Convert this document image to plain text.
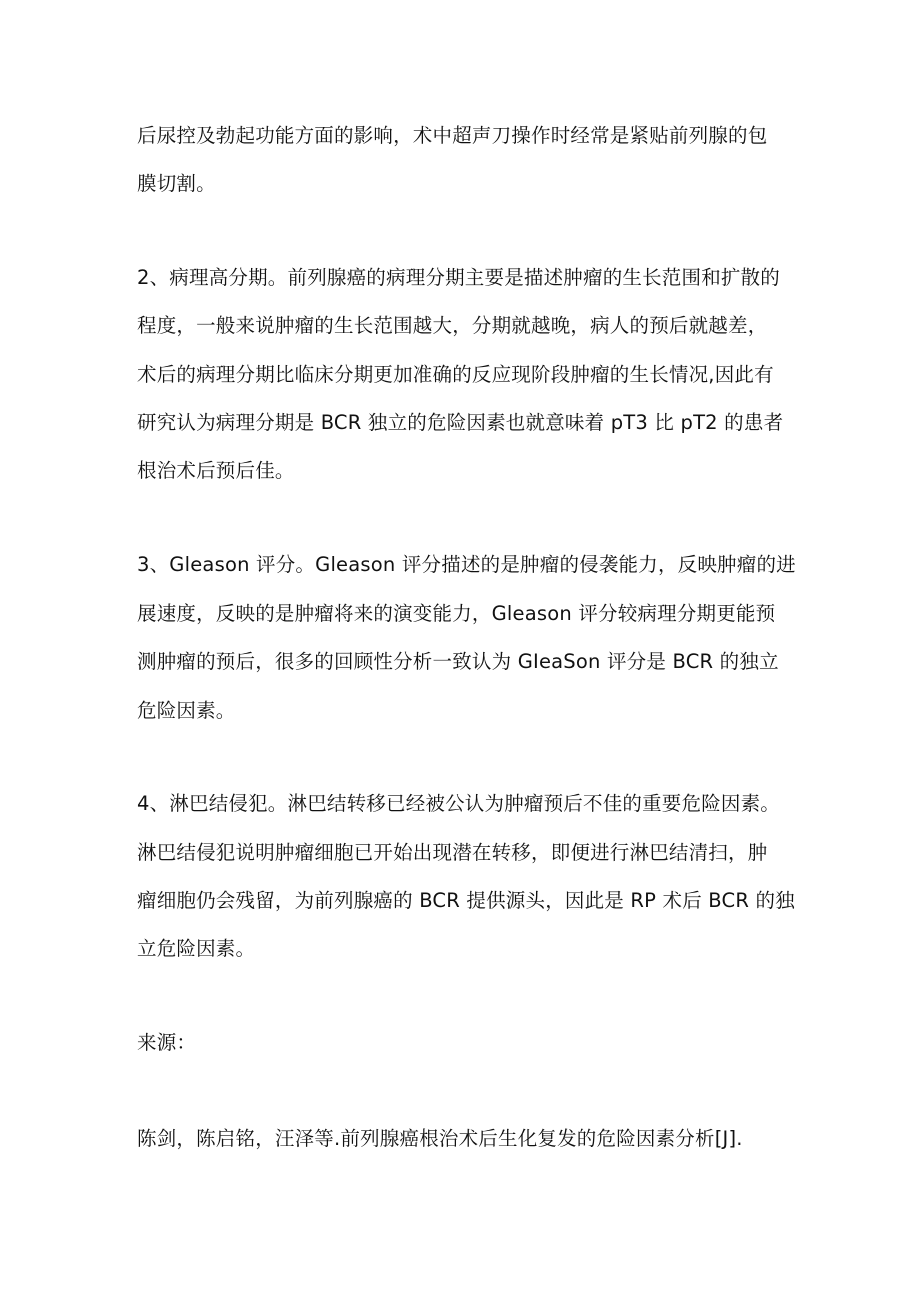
后尿控及勃起功能方面的影响，术中超声刀操作时经常是紧贴前列腺的包
膜切割。
2、病理高分期。前列腺癌的病理分期主要是描述肿瘤的生长范围和扩散的
程度，一般来说肿瘤的生长范围越大，分期就越晚，病人的预后就越差，
术后的病理分期比临床分期更加准确的反应现阶段肿瘤的生长情况,因此有
研究认为病理分期是 BCR 独立的危险因素也就意味着 pT3 比 pT2 的患者
根治术后预后佳。
3、Gleason 评分。Gleason 评分描述的是肿瘤的侵袭能力，反映肿瘤的进
展速度，反映的是肿瘤将来的演变能力，Gleason 评分较病理分期更能预
测肿瘤的预后，很多的回顾性分析一致认为 GIeaSon 评分是 BCR 的独立
危险因素。
4、淋巴结侵犯。淋巴结转移已经被公认为肿瘤预后不佳的重要危险因素。
淋巴结侵犯说明肿瘤细胞已开始出现潜在转移，即便进行淋巴结清扫，肿
瘤细胞仍会残留，为前列腺癌的 BCR 提供源头，因此是 RP 术后 BCR 的独
立危险因素。
来源：
陈剑，陈启铭，汪泽等.前列腺癌根治术后生化复发的危险因素分析[J].
